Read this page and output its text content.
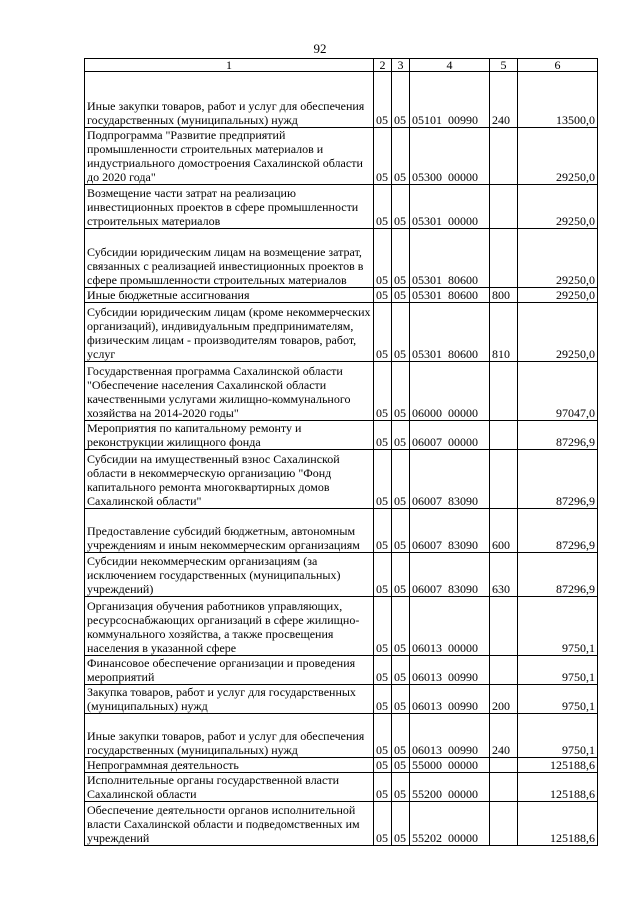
92
1	2	3	4	5	6
Иные закупки товаров, работ и услуг для обеспечения государственных (муниципальных) нужд	05	05	05101  00990	240	13500,0
Подпрограмма "Развитие предприятий промышленности строительных материалов и индустриального домостроения Сахалинской области до 2020 года"	05	05	05300  00000		29250,0
Возмещение части затрат на реализацию инвестиционных проектов в сфере промышленности строительных материалов	05	05	05301  00000		29250,0
Субсидии юридическим лицам на возмещение затрат, связанных с реализацией инвестиционных проектов в сфере промышленности строительных материалов	05	05	05301  80600		29250,0
Иные бюджетные ассигнования	05	05	05301  80600	800	29250,0
Субсидии юридическим лицам (кроме некоммерческих организаций), индивидуальным предпринимателям, физическим лицам - производителям товаров, работ, услуг	05	05	05301  80600	810	29250,0
Государственная программа Сахалинской области "Обеспечение населения Сахалинской области качественными услугами жилищно-коммунального хозяйства на 2014-2020 годы"	05	05	06000  00000		97047,0
Мероприятия по капитальному ремонту и реконструкции жилищного фонда	05	05	06007  00000		87296,9
Субсидии на имущественный взнос Сахалинской области в некоммерческую организацию "Фонд капитального ремонта многоквартирных домов Сахалинской области"	05	05	06007  83090		87296,9
Предоставление субсидий бюджетным, автономным учреждениям и иным некоммерческим организациям	05	05	06007  83090	600	87296,9
Субсидии некоммерческим организациям (за исключением государственных (муниципальных) учреждений)	05	05	06007  83090	630	87296,9
Организация обучения работников управляющих, ресурсоснабжающих организаций в сфере жилищно-коммунального хозяйства, а также просвещения населения в указанной сфере	05	05	06013  00000		9750,1
Финансовое обеспечение организации и проведения мероприятий	05	05	06013  00990		9750,1
Закупка товаров, работ и услуг для государственных (муниципальных) нужд	05	05	06013  00990	200	9750,1
Иные закупки товаров, работ и услуг для обеспечения государственных (муниципальных) нужд	05	05	06013  00990	240	9750,1
Непрограммная деятельность	05	05	55000  00000		125188,6
Исполнительные органы государственной власти Сахалинской области	05	05	55200  00000		125188,6
Обеспечение деятельности органов исполнительной власти Сахалинской области и подведомственных им учреждений	05	05	55202  00000		125188,6
